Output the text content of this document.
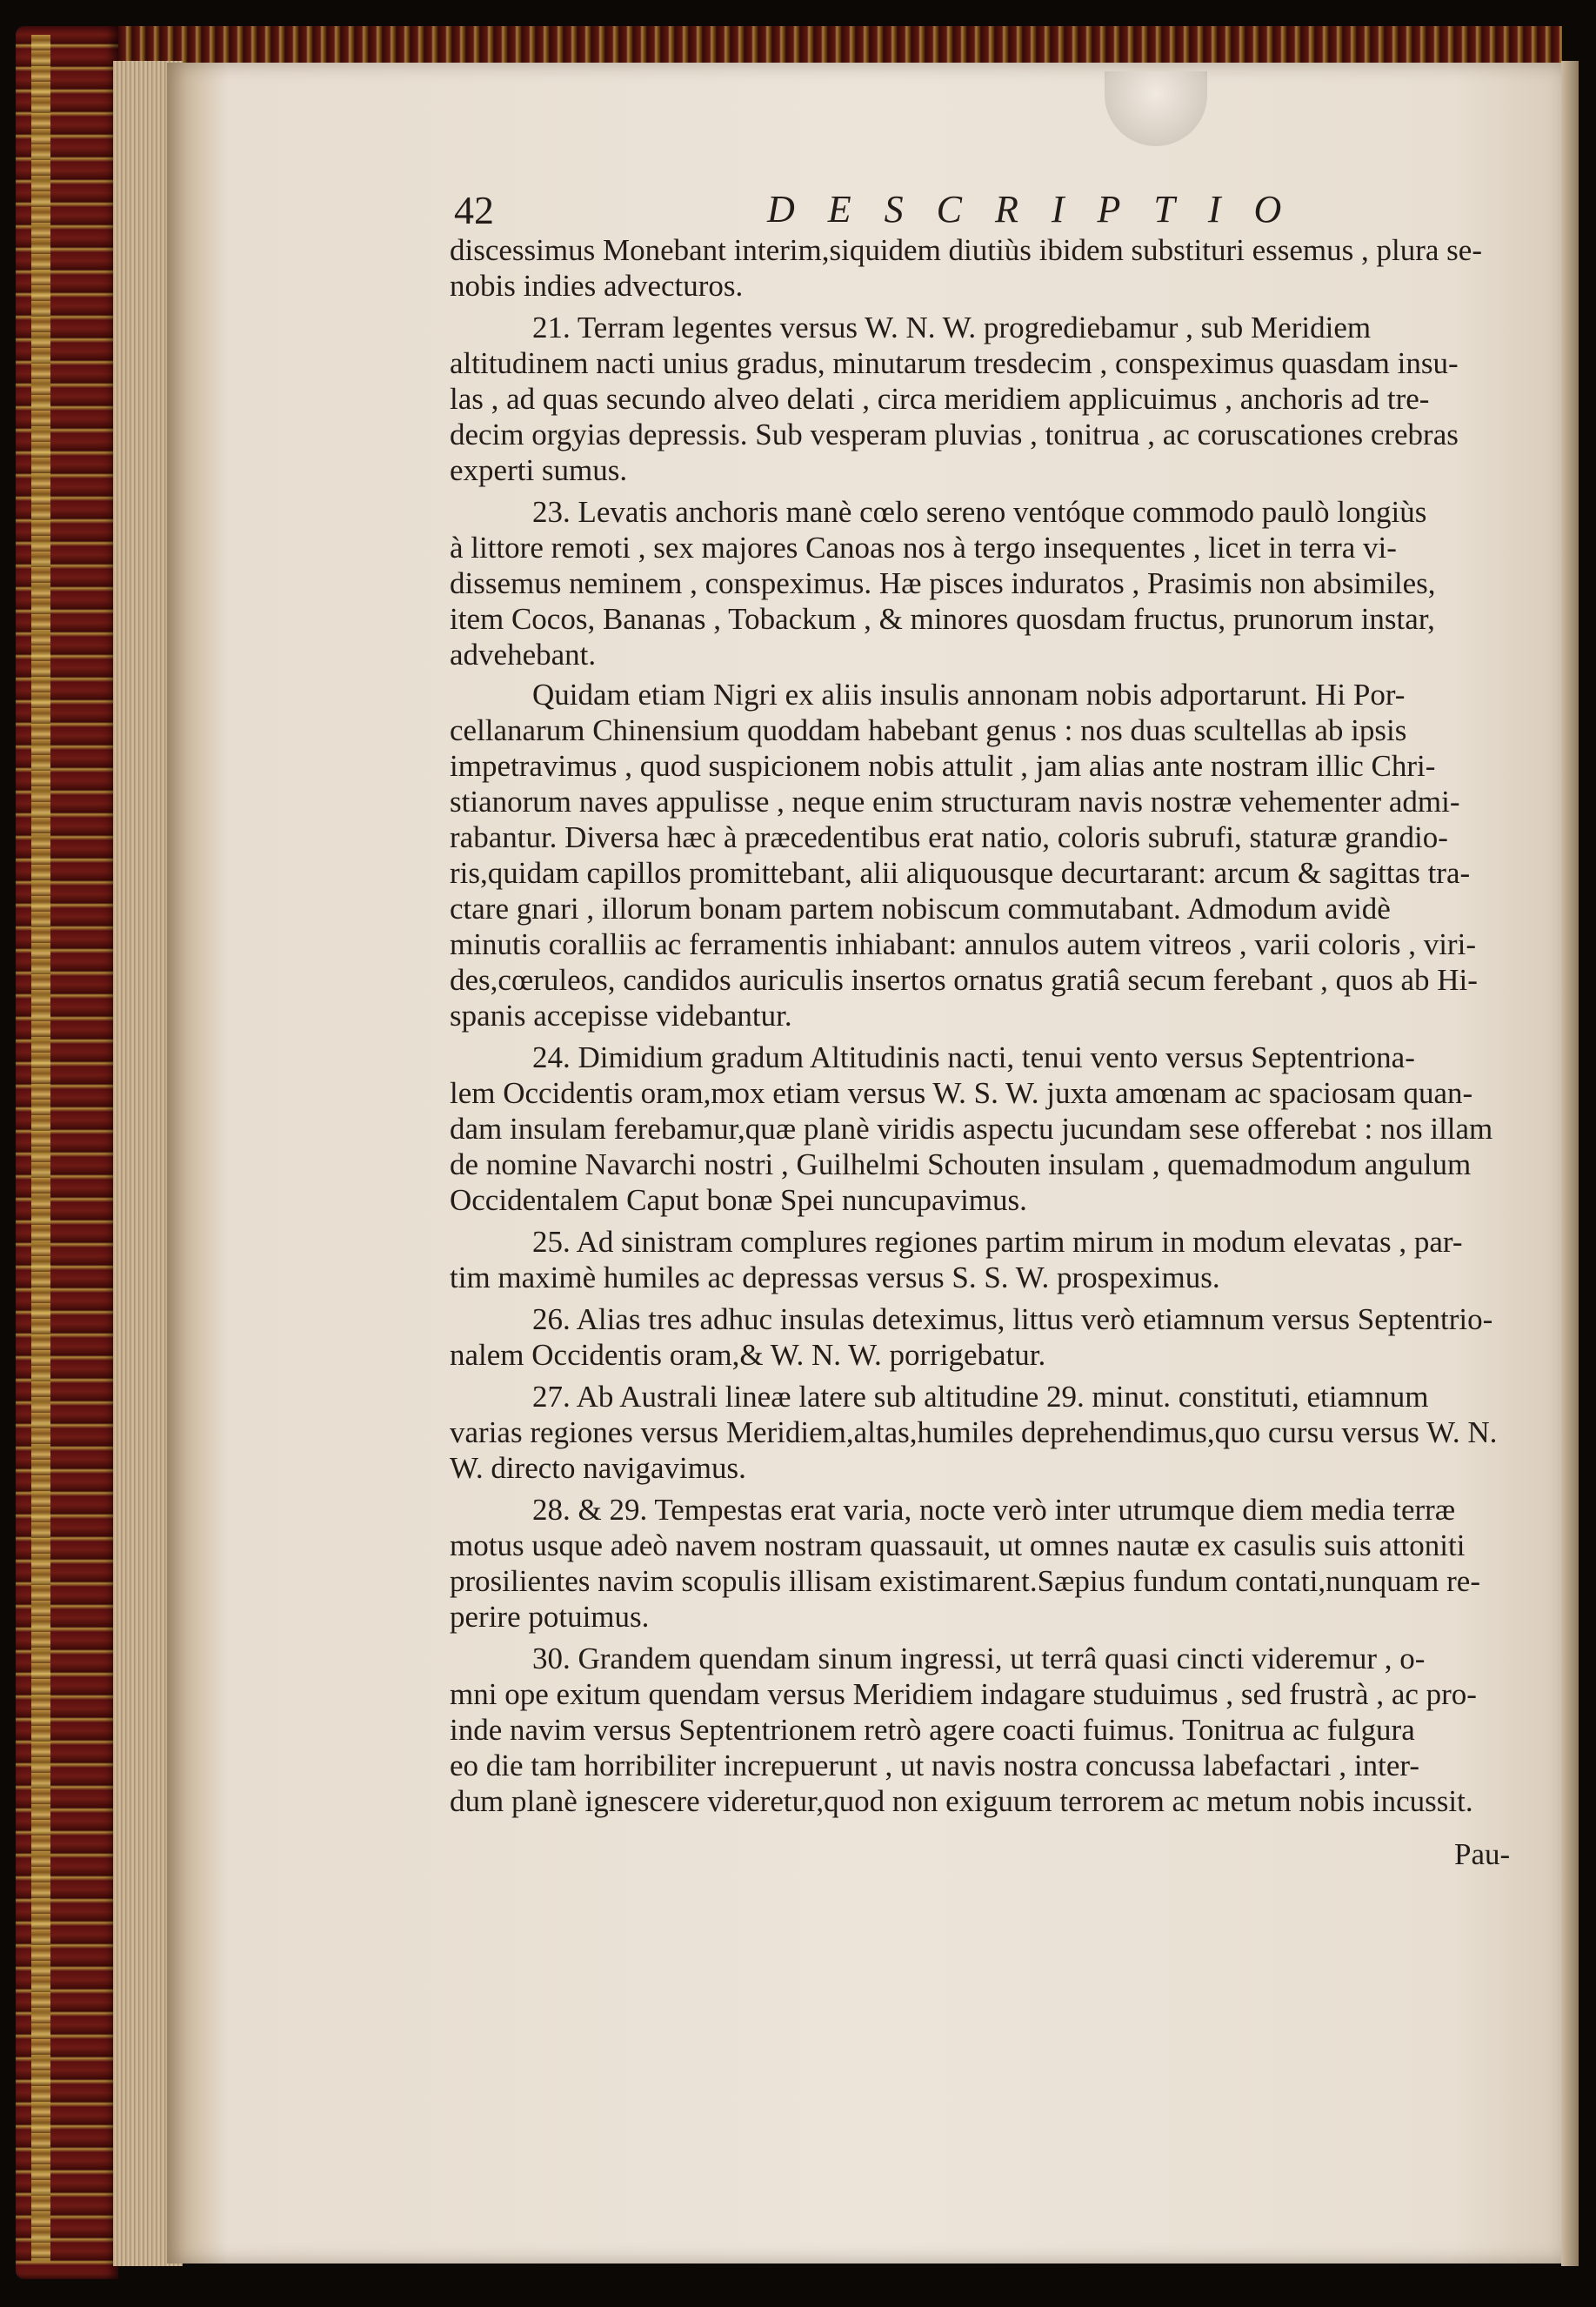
42	DESCRIPTIO
discessimus Monebant interim,siquidem diutiùs ibidem substituri essemus , plura se-
nobis indies advecturos.
21. Terram legentes versus W. N. W. progrediebamur , sub Meridiem
altitudinem nacti unius gradus, minutarum tresdecim , conspeximus quasdam insu-
las , ad quas secundo alveo delati , circa meridiem applicuimus , anchoris ad tre-
decim orgyias depressis. Sub vesperam pluvias , tonitrua , ac coruscationes crebras
experti sumus.
23. Levatis anchoris manè cœlo sereno ventóque commodo paulò longiùs
à littore remoti , sex majores Canoas nos à tergo insequentes , licet in terra vi-
dissemus neminem , conspeximus. Hæ pisces induratos , Prasimis non absimiles,
item Cocos, Bananas , Tobackum , & minores quosdam fructus, prunorum instar,
advehebant.
Quidam etiam Nigri ex aliis insulis annonam nobis adportarunt. Hi Por-
cellanarum Chinensium quoddam habebant genus : nos duas scultellas ab ipsis
impetravimus , quod suspicionem nobis attulit , jam alias ante nostram illic Chri-
stianorum naves appulisse , neque enim structuram navis nostræ vehementer admi-
rabantur. Diversa hæc à præcedentibus erat natio, coloris subrufi, staturæ grandio-
ris,quidam capillos promittebant, alii aliquousque decurtarant: arcum & sagittas tra-
ctare gnari , illorum bonam partem nobiscum commutabant. Admodum avidè
minutis coralliis ac ferramentis inhiabant: annulos autem vitreos , varii coloris , viri-
des,cœruleos, candidos auriculis insertos ornatus gratiâ secum ferebant , quos ab Hi-
spanis accepisse videbantur.
24. Dimidium gradum Altitudinis nacti, tenui vento versus Septentriona-
lem Occidentis oram,mox etiam versus W. S. W. juxta amœnam ac spaciosam quan-
dam insulam ferebamur,quæ planè viridis aspectu jucundam sese offerebat : nos illam
de nomine Navarchi nostri , Guilhelmi Schouten insulam , quemadmodum angulum
Occidentalem Caput bonæ Spei nuncupavimus.
25. Ad sinistram complures regiones partim mirum in modum elevatas , par-
tim maximè humiles ac depressas versus S. S. W. prospeximus.
26. Alias tres adhuc insulas deteximus, littus verò etiamnum versus Septentrio-
nalem Occidentis oram,& W. N. W. porrigebatur.
27. Ab Australi lineæ latere sub altitudine 29. minut. constituti, etiamnum
varias regiones versus Meridiem,altas,humiles deprehendimus,quo cursu versus W. N.
W. directo navigavimus.
28. & 29. Tempestas erat varia, nocte verò inter utrumque diem media terræ
motus usque adeò navem nostram quassauit, ut omnes nautæ ex casulis suis attoniti
prosilientes navim scopulis illisam existimarent.Sæpius fundum contati,nunquam re-
perire potuimus.
30. Grandem quendam sinum ingressi, ut terrâ quasi cincti videremur , o-
mni ope exitum quendam versus Meridiem indagare studuimus , sed frustrà , ac pro-
inde navim versus Septentrionem retrò agere coacti fuimus. Tonitrua ac fulgura
eo die tam horribiliter increpuerunt , ut navis nostra concussa labefactari , inter-
dum planè ignescere videretur,quod non exiguum terrorem ac metum nobis incussit.
Pau-
